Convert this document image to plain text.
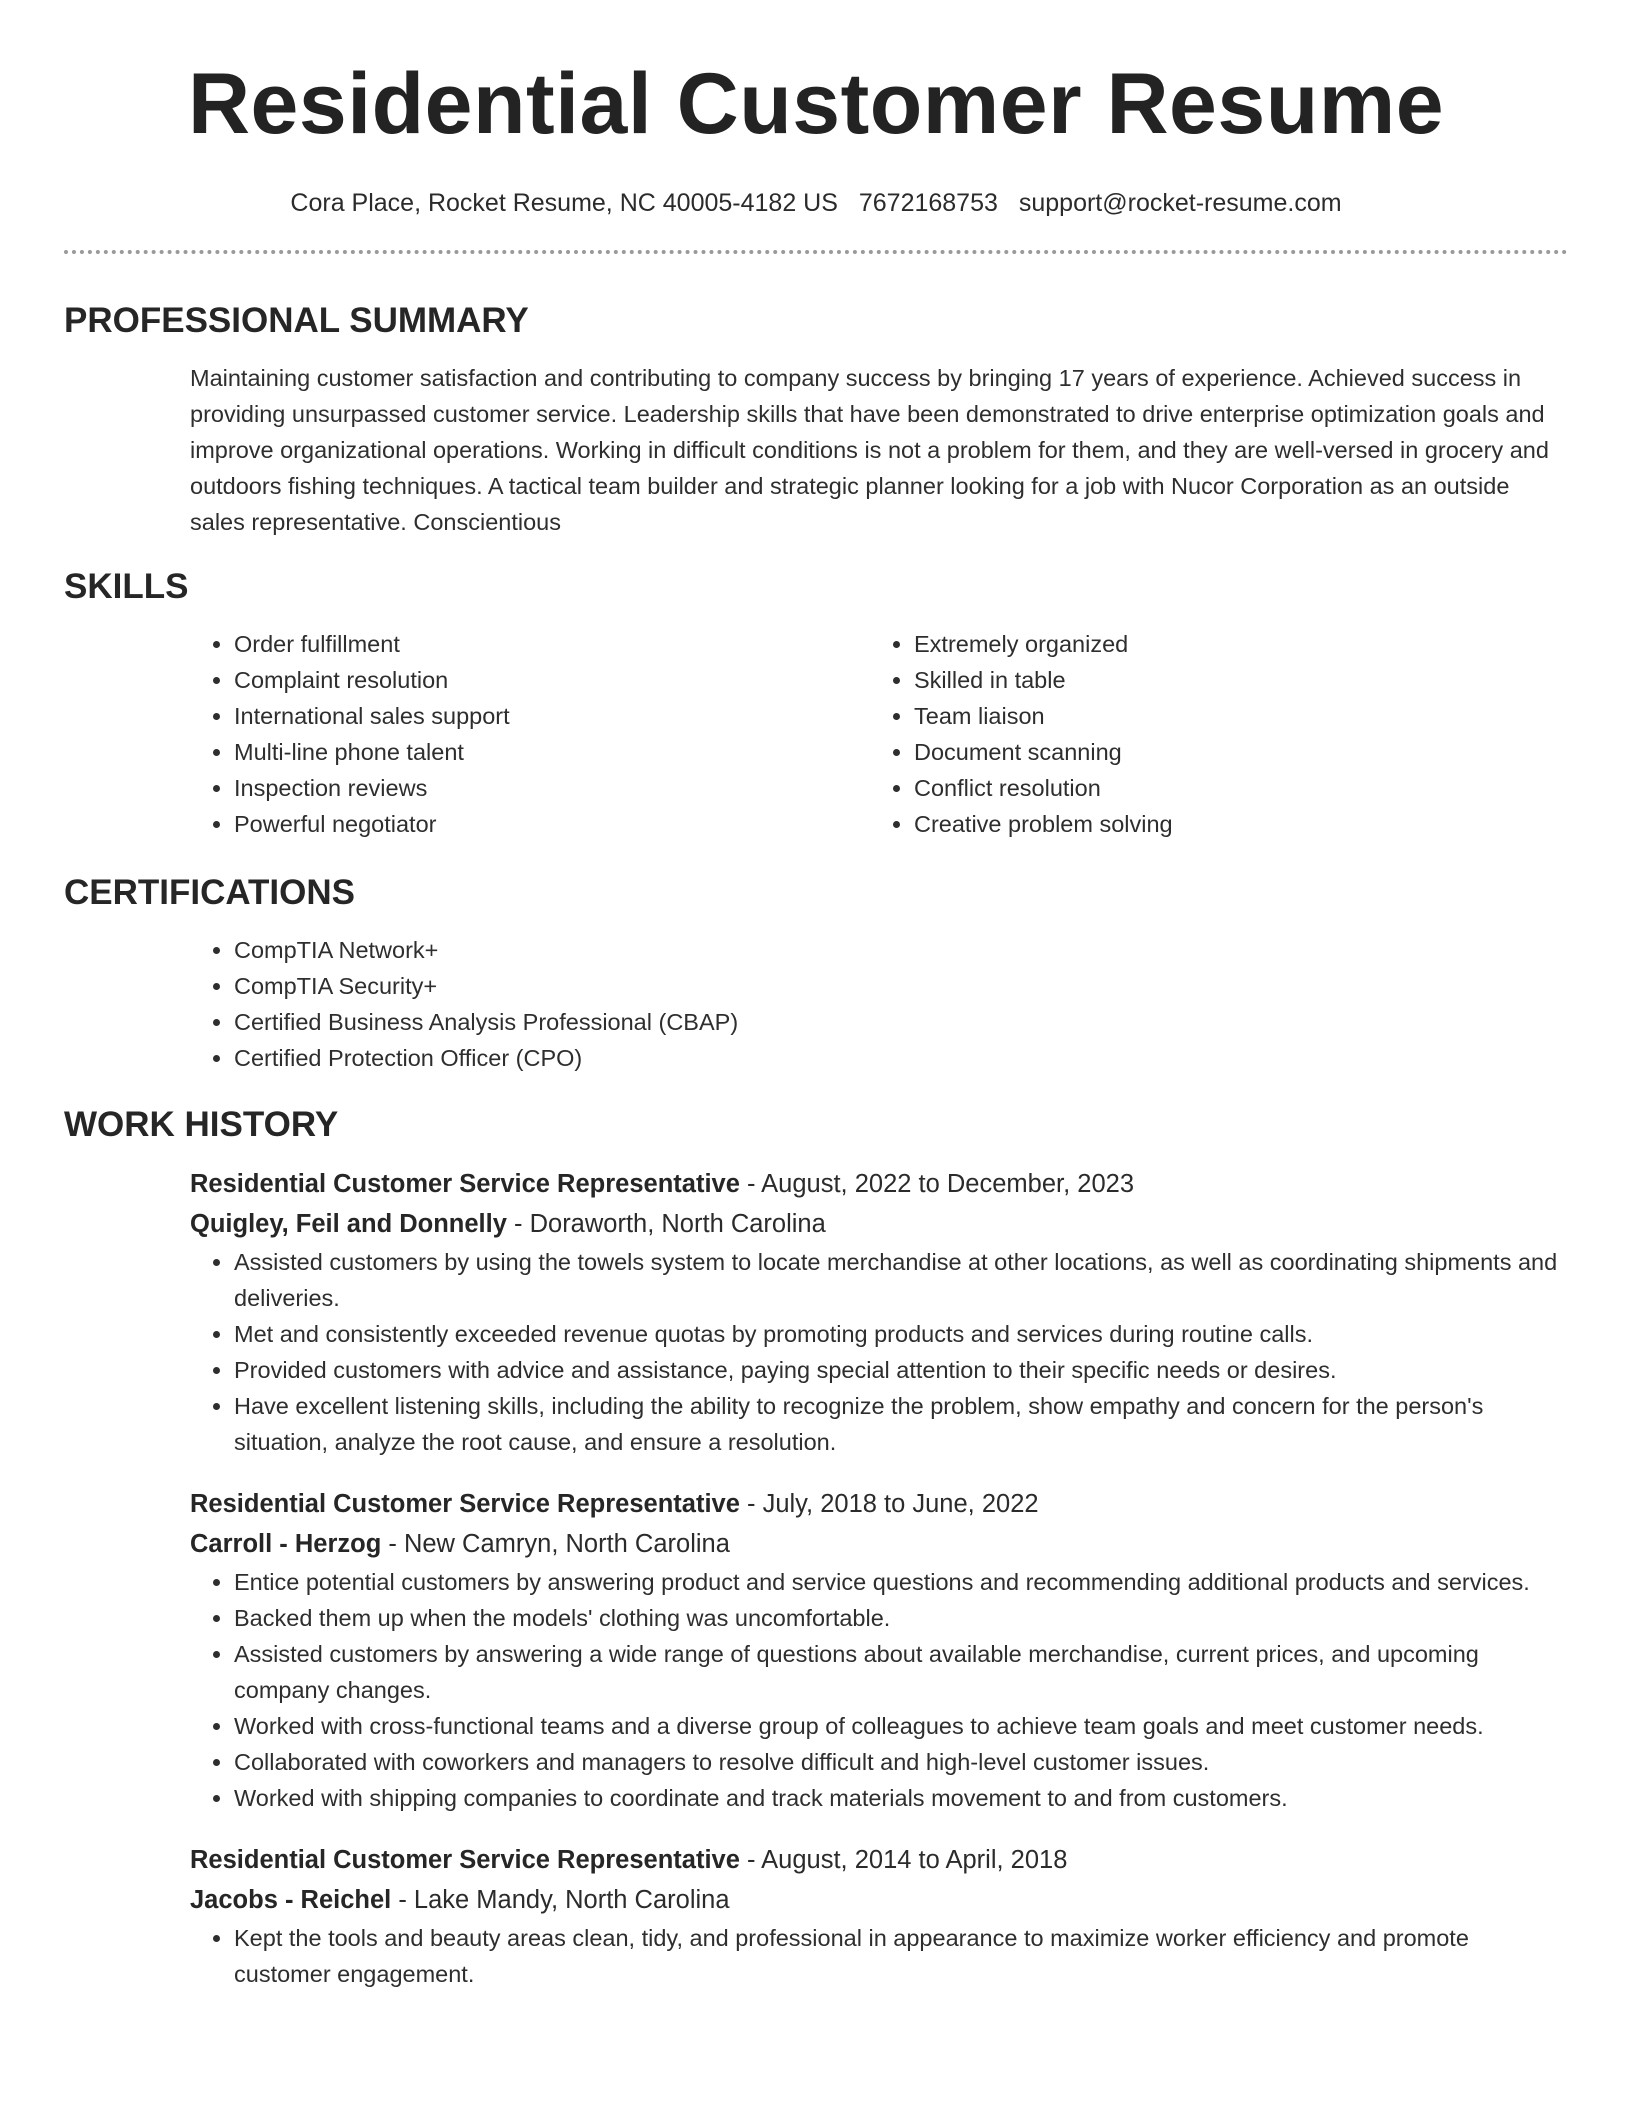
Residential Customer Resume
Cora Place, Rocket Resume, NC 40005-4182 US 7672168753 support@rocket-resume.com
PROFESSIONAL SUMMARY

Maintaining customer satisfaction and contributing to company success by bringing 17 years of experience. Achieved success in providing unsurpassed customer service. Leadership skills that have been demonstrated to drive enterprise optimization goals and improve organizational operations. Working in difficult conditions is not a problem for them, and they are well-versed in grocery and outdoors fishing techniques. A tactical team builder and strategic planner looking for a job with Nucor Corporation as an outside sales representative. Conscientious

SKILLS
• Order fulfillment
• Complaint resolution
• International sales support
• Multi-line phone talent
• Inspection reviews
• Powerful negotiator
• Extremely organized
• Skilled in table
• Team liaison
• Document scanning
• Conflict resolution
• Creative problem solving
CERTIFICATIONS
• CompTIA Network+
• CompTIA Security+
• Certified Business Analysis Professional (CBAP)
• Certified Protection Officer (CPO)
WORK HISTORY
Residential Customer Service Representative - August, 2022 to December, 2023
Quigley, Feil and Donnelly - Doraworth, North Carolina
• Assisted customers by using the towels system to locate merchandise at other locations, as well as coordinating shipments and deliveries.
• Met and consistently exceeded revenue quotas by promoting products and services during routine calls.
• Provided customers with advice and assistance, paying special attention to their specific needs or desires.
• Have excellent listening skills, including the ability to recognize the problem, show empathy and concern for the person's situation, analyze the root cause, and ensure a resolution.
Residential Customer Service Representative - July, 2018 to June, 2022
Carroll - Herzog - New Camryn, North Carolina
• Entice potential customers by answering product and service questions and recommending additional products and services.
• Backed them up when the models' clothing was uncomfortable.
• Assisted customers by answering a wide range of questions about available merchandise, current prices, and upcoming company changes.
• Worked with cross-functional teams and a diverse group of colleagues to achieve team goals and meet customer needs.
• Collaborated with coworkers and managers to resolve difficult and high-level customer issues.
• Worked with shipping companies to coordinate and track materials movement to and from customers.
Residential Customer Service Representative - August, 2014 to April, 2018
Jacobs - Reichel - Lake Mandy, North Carolina
• Kept the tools and beauty areas clean, tidy, and professional in appearance to maximize worker efficiency and promote customer engagement.
